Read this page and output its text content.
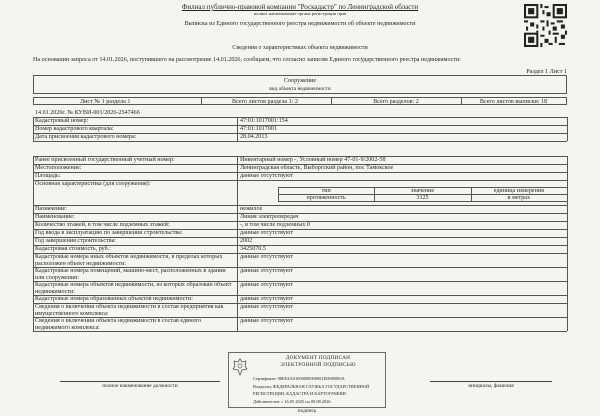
Филиал публично-правовой компании "Роскадастр" по Ленинградской области
полное наименование органа регистрации прав
Выписка из Единого государственного реестра недвижимости об объекте недвижимости
Сведения о характеристиках объекта недвижимости
На основании запроса от 14.01.2026, поступившего на рассмотрение 14.01.2026, сообщаем, что согласно записям Единого государственного реестра недвижимости:
Раздел 1 Лист 1
Сооружение
вид объекта недвижимости
Лист № 1 раздела 1	Всего листов раздела 1: 2	Всего разделов: 2	Всего листов выписки: 18
14.01.2026г. № КУВИ-001/2026-2547466
Кадастровый номер:	47:01:1017001:154
Номер кадастрового квартала:	47:01:1017001
Дата присвоения кадастрового номера:	28.04.2013
Ранее присвоенный государственный учетный номер:	Инвентарный номер -, Условный номер 47-01-9/2002-58
Местоположение:	Ленинградская область, Выборгский район, пос Тамокское
Площадь:	данные отсутствуют
Основная характеристика (для сооружения):
тип	значение	единица измерения
протяженность	3125	в метрах
Назначение:	нежилое
Наименование:	Линия электропередач
Количество этажей, в том числе подземных этажей:	-, в том числе подземных 0
Год ввода в эксплуатацию по завершении строительства:	данные отсутствуют
Год завершения строительства:	2002
Кадастровая стоимость, руб.:	3425070.5
Кадастровые номера иных объектов недвижимости, в пределах которых расположен объект недвижимости:
данные отсутствуют
Кадастровые номера помещений, машино-мест, расположенных в здании или сооружении:
данные отсутствуют
Кадастровые номера объектов недвижимости, из которых образован объект недвижимости:
данные отсутствуют
Кадастровые номера образованных объектов недвижимости:	данные отсутствуют
Сведения о включении объекта недвижимости в состав предприятия как имущественного комплекса:
данные отсутствуют
Сведения о включении объекта недвижимости в состав единого недвижимого комплекса:
данные отсутствуют
полное наименование должности	инициалы, фамилия
ДОКУМЕНТ ПОДПИСАН
ЭЛЕКТРОННОЙ ПОДПИСЬЮ
Сертификат: 06ЕЕ4А01000000000001Е0000000А
Владелец: ФЕДЕРАЛЬНАЯ СЛУЖБА ГОСУДАРСТВЕННОЙ
РЕГИСТРАЦИИ, КАДАСТРА И КАРТОГРАФИИ
Действителен: с 16.05.2025 по 09.08.2026
подпись
